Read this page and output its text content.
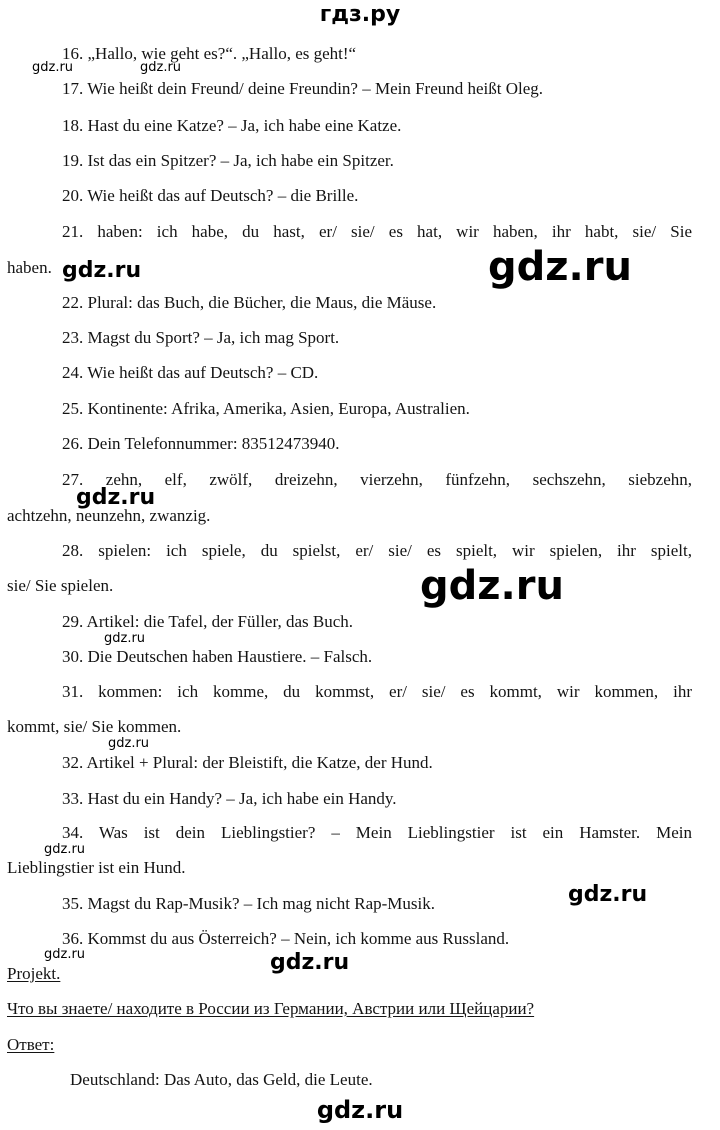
гдз.ру
16. „Hallo, wie geht es?“. „Hallo, es geht!“
17. Wie heißt dein Freund/ deine Freundin? – Mein Freund heißt Oleg.
18. Hast du eine Katze? – Ja, ich habe eine Katze.
19. Ist das ein Spitzer? – Ja, ich habe ein Spitzer.
20. Wie heißt das auf Deutsch? – die Brille.
21. haben: ich habe, du hast, er/ sie/ es hat, wir haben, ihr habt, sie/ Sie
haben.
22. Plural: das Buch, die Bücher, die Maus, die Mäuse.
23. Magst du Sport? – Ja, ich mag Sport.
24. Wie heißt das auf Deutsch? – CD.
25. Kontinente: Afrika, Amerika, Asien, Europa, Australien.
26. Dein Telefonnummer: 83512473940.
27. zehn, elf, zwölf, dreizehn, vierzehn, fünfzehn, sechszehn, siebzehn,
achtzehn, neunzehn, zwanzig.
28. spielen: ich spiele, du spielst, er/ sie/ es spielt, wir spielen, ihr spielt,
sie/ Sie spielen.
29. Artikel: die Tafel, der Füller, das Buch.
30. Die Deutschen haben Haustiere. – Falsch.
31. kommen: ich komme, du kommst, er/ sie/ es kommt, wir kommen, ihr
kommt, sie/ Sie kommen.
32. Artikel + Plural: der Bleistift, die Katze, der Hund.
33. Hast du ein Handy? – Ja, ich habe ein Handy.
34. Was ist dein Lieblingstier? – Mein Lieblingstier ist ein Hamster. Mein
Lieblingstier ist ein Hund.
35. Magst du Rap-Musik? – Ich mag nicht Rap-Musik.
36. Kommst du aus Österreich? – Nein, ich komme aus Russland.
Projekt.
Что вы знаете/ находите в России из Германии, Австрии или Щейцарии?
Ответ:
Deutschland: Das Auto, das Geld, die Leute.
gdz.ru	gdz.ru
gdz.ru	gdz.ru
gdz.ru
gdz.ru
gdz.ru
gdz.ru
gdz.ru
gdz.ru
gdz.ru	gdz.ru
gdz.ru
